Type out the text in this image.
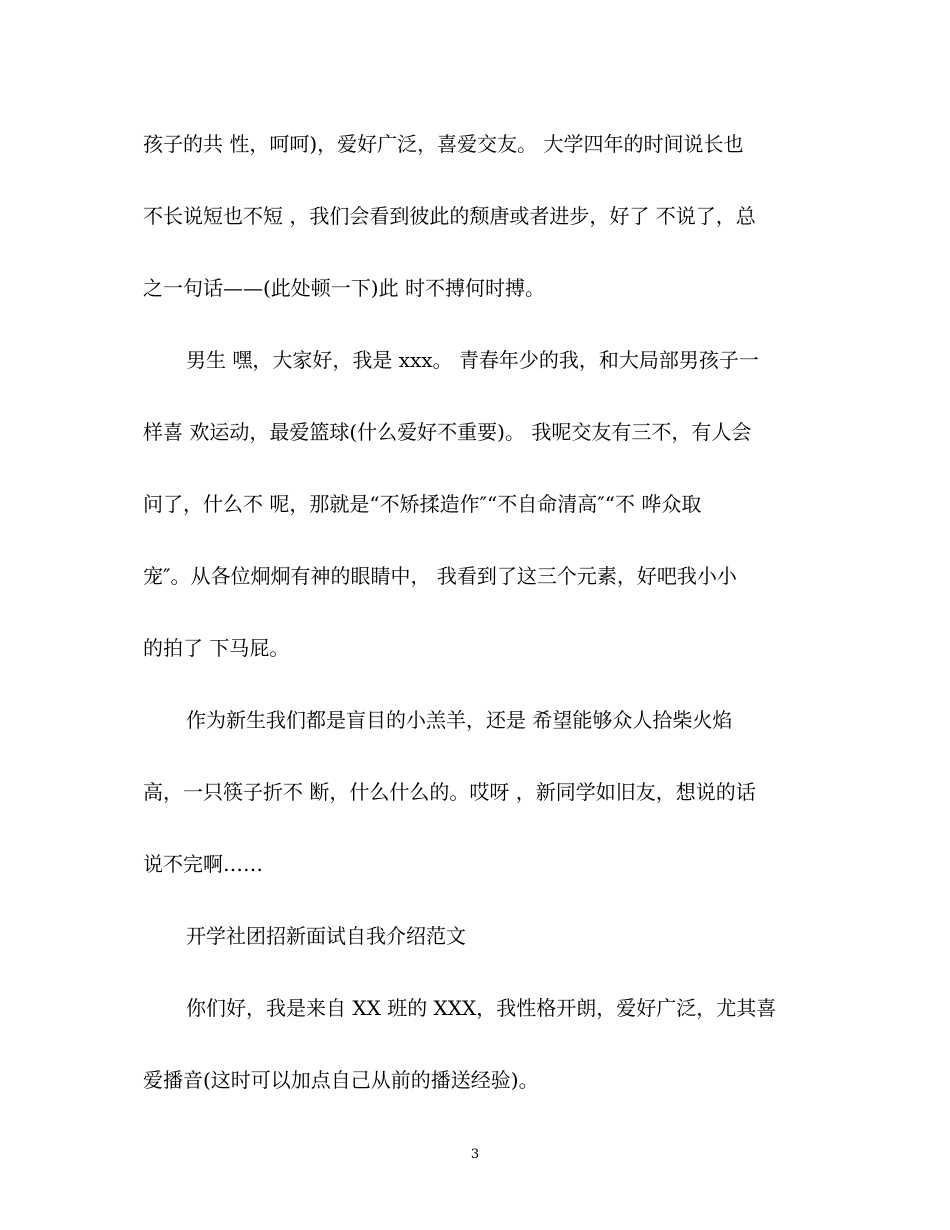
孩子的共 性，呵呵)，爱好广泛，喜爱交友。 大学四年的时间说长也
不长说短也不短 ，我们会看到彼此的颓唐或者进步，好了 不说了，总
之一句话——(此处顿一下)此 时不搏何时搏。
男生 嘿，大家好，我是 xxx。 青春年少的我，和大局部男孩子一
样喜 欢运动，最爱篮球(什么爱好不重要)。 我呢交友有三不，有人会
问了，什么不 呢，那就是“不矫揉造作″“不自命清高″“不 哗众取
宠″。从各位炯炯有神的眼睛中， 我看到了这三个元素，好吧我小小
的拍了 下马屁。
作为新生我们都是盲目的小羔羊，还是 希望能够众人拾柴火焰
高，一只筷子折不 断，什么什么的。哎呀 ，新同学如旧友，想说的话
说不完啊……
开学社团招新面试自我介绍范文
你们好，我是来自 XX 班的 XXX，我性格开朗，爱好广泛，尤其喜
爱播音(这时可以加点自己从前的播送经验)。
3
